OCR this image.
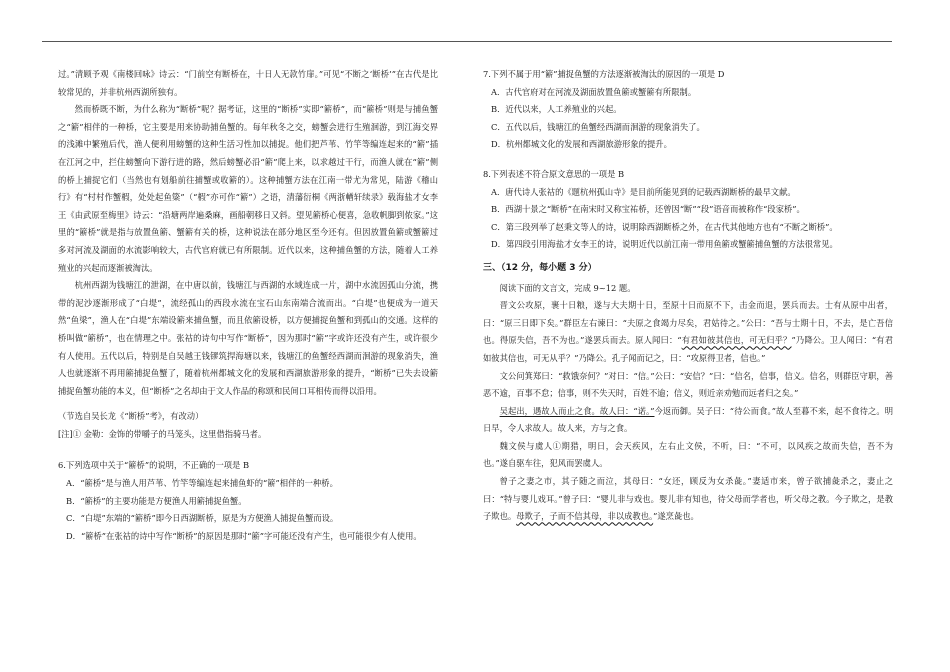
过。”清顾予观《南楼回咏》诗云：“门前空有断桥在，十日人无款竹扉。”可见“不断之‘断桥’”在古代是比较常见的，并非杭州西湖所独有。

然而桥既不断，为什么称为“断桥”呢？据考证，这里的“断桥”实即“簖桥”，而“簖桥”则是与捕鱼蟹之“簖”相伴的一种桥，它主要是用来协助捕鱼蟹的。每年秋冬之交，螃蟹会进行生殖洄游，到江海交界的浅滩中繁殖后代，渔人便利用螃蟹的这种生活习性加以捕捉。他们把芦苇、竹竿等编连起来的“簖”插在江河之中，拦住螃蟹向下游行进的路，然后螃蟹必沿“簖”爬上来，以求越过干行，而渔人就在“簖”侧的桥上捕捉它们（当然也有划船前往捕蟹或收簖的）。这种捕蟹方法在江南一带尤为常见，陆游《稽山行》有“村村作蟹椵，处处起鱼簗”（“椵”亦可作“簖”）之语，清藩衍桐《两浙輶轩续录》载海盐才女李王《由武原至梅里》诗云：“沿塘两岸遍桑麻，画船朝移日又斜。望见簖桥心便喜，急收帆脚到侬家。”这里的“簖桥”就是指与放置鱼簖、蟹簖有关的桥，这种说法在部分地区至今还有。但因放置鱼簖或蟹簖过多对河流及湖面的水流影响较大，古代官府就已有所限制。近代以来，这种捕鱼蟹的方法，随着人工养殖业的兴起而逐渐被淘汰。

杭州西湖为钱塘江的泄湖，在中唐以前，钱塘江与西湖的水域连成一片，湖中水流因孤山分流，携带的泥沙逐渐形成了“白堤”，流经孤山的西段水流在宝石山东南端合流而出。“白堤”也便成为一道天然“鱼梁”，渔人在“白堤”东端设簖来捕鱼蟹，而且依簖设桥，以方便捕捉鱼蟹和到孤山的交通。这样的桥叫做“簖桥”，也在情理之中。张祜的诗句中写作“断桥”，因为那时“簖”字或许还没有产生，或许很少有人使用。五代以后，特别是自吴越王钱镠筑捍海塘以来，钱塘江的鱼蟹经西湖而洄游的现象消失，渔人也就逐渐不再用簖捕捉鱼蟹了，随着杭州都城文化的发展和西湖旅游形象的提升，“断桥”已失去设簖捕捉鱼蟹功能的本义，但“断桥”之名却由于文人作品的称颂和民间口耳相传而得以沿用。

（节选自吴长龙《“断桥”考》，有改动）

[注]① 金勒：金饰的带嚼子的马笼头，这里借指骑马者。

6.下列选项中关于“簖桥”的说明，不正确的一项是 B

A．“簖桥”是与渔人用芦苇、竹竿等编连起来捕鱼虾的“簖”相伴的一种桥。

B．“簖桥”的主要功能是方便渔人用簖捕捉鱼蟹。

C．“白堤”东端的“簖桥”即今日西湖断桥，原是为方便渔人捕捉鱼蟹而设。

D．“簖桥”在张祜的诗中写作“断桥”的原因是那时“簖”字可能还没有产生，也可能很少有人使用。

7.下列不属于用“簖”捕捉鱼蟹的方法逐渐被淘汰的原因的一项是 D

A．古代官府对在河流及湖面放置鱼簖或蟹簖有所限制。

B．近代以来，人工养殖业的兴起。

C．五代以后，钱塘江的鱼蟹经西湖而洄游的现象消失了。

D．杭州都城文化的发展和西湖旅游形象的提升。

8.下列表述不符合原文意思的一项是 B

A．唐代诗人张祜的《题杭州孤山寺》是目前所能见到的记载西湖断桥的最早文献。

B．西湖十景之“断桥”在南宋时又称宝祐桥，还曾因“断”“段”语音而被称作“段家桥”。

C．第三段列举了赵秉文等人的诗，说明除西湖断桥之外，在古代其他地方也有“不断之断桥”。

D．第四段引用海盐才女李王的诗，说明近代以前江南一带用鱼簖或蟹簖捕鱼蟹的方法很常见。

三、（12 分，每小题 3 分）

阅读下面的文言文，完成 9~12 题。

晋文公攻原，裹十日粮，遂与大夫期十日，至原十日而原不下，击金而退，罢兵而去。士有从原中出者，曰：“原三日即下矣。”群臣左右谏曰：“夫原之食竭力尽矣，君姑待之。”公曰：“吾与士期十日，不去，是亡吾信也。得原失信，吾不为也。”遂罢兵而去。原人闻曰：“有君如彼其信也，可无归乎？”乃降公。卫人闻曰：“有君如彼其信也，可无从乎？”乃降公。孔子闻而记之，曰：“攻原得卫者，信也。”

文公问箕郑曰：“救饿奈何？”对曰：“信。”公曰：“安信？”曰：“信名，信事，信义。信名，则群臣守职，善恶不逾，百事不怠；信事，则不失天时，百姓不逾；信义，则近亲劝勉而远者归之矣。”

吴起出，遇故人而止之食。故人曰：“诺。”今返而御。吴子曰：“待公而食。”故人至暮不来，起不食待之。明日早，令人求故人。故人来，方与之食。

魏文侯与虞人①期猎，明日，会天疾风，左右止文侯，不听，曰：“不可，以风疾之故而失信，吾不为也。”遂自驱车往，犯风而罢虞人。

曾子之妻之市，其子随之而泣，其母曰：“女还，顾反为女杀彘。”妻适市来，曾子欲捕彘杀之，妻止之曰：“特与婴儿戏耳。”曾子曰：“婴儿非与戏也。婴儿非有知也，待父母而学者也，听父母之教。今子欺之，是教子欺也。母欺子，子而不信其母，非以成教也。”遂烹彘也。
